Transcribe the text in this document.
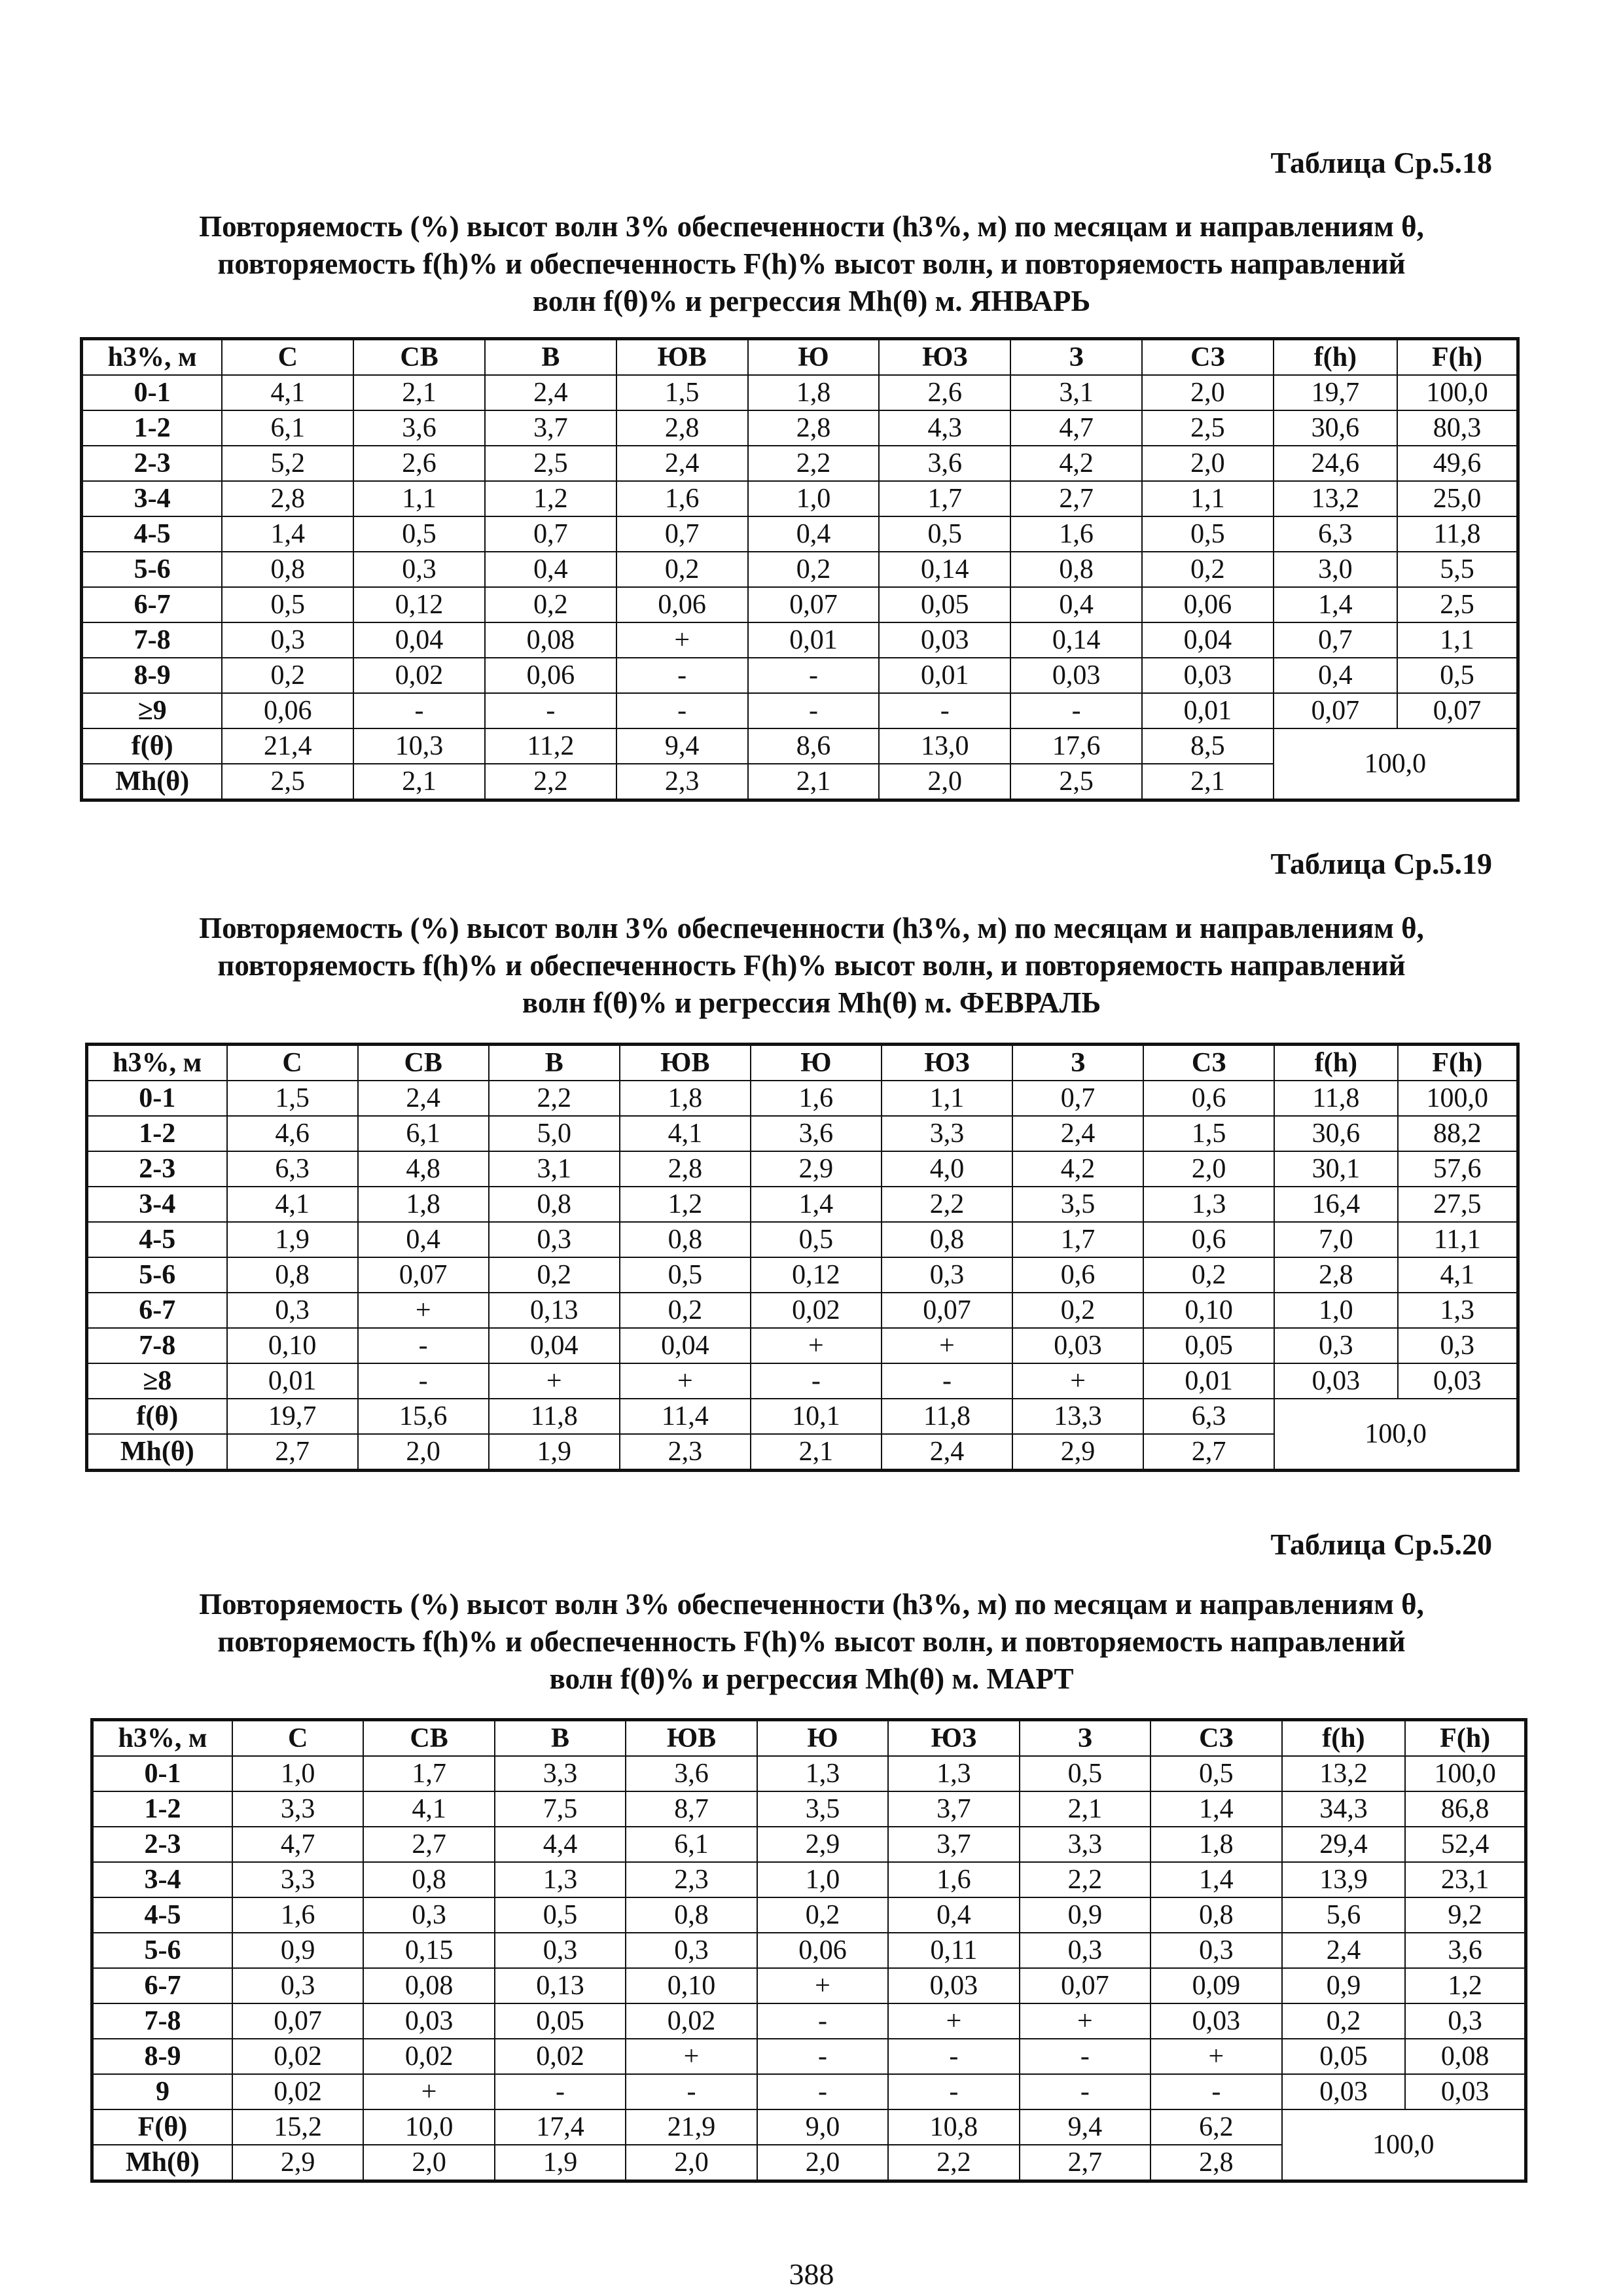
Таблица Ср.5.18
Повторяемость (%) высот волн 3% обеспеченности (h3%, м) по месяцам и направлениям θ,
повторяемость f(h)% и обеспеченность F(h)% высот волн, и повторяемость направлений
волн f(θ)% и регрессия Mh(θ) м. ЯНВАРЬ
h3%, м	С	СВ	В	ЮВ	Ю	ЮЗ	З	СЗ	f(h)	F(h)
0-1	4,1	2,1	2,4	1,5	1,8	2,6	3,1	2,0	19,7	100,0
1-2	6,1	3,6	3,7	2,8	2,8	4,3	4,7	2,5	30,6	80,3
2-3	5,2	2,6	2,5	2,4	2,2	3,6	4,2	2,0	24,6	49,6
3-4	2,8	1,1	1,2	1,6	1,0	1,7	2,7	1,1	13,2	25,0
4-5	1,4	0,5	0,7	0,7	0,4	0,5	1,6	0,5	6,3	11,8
5-6	0,8	0,3	0,4	0,2	0,2	0,14	0,8	0,2	3,0	5,5
6-7	0,5	0,12	0,2	0,06	0,07	0,05	0,4	0,06	1,4	2,5
7-8	0,3	0,04	0,08	+	0,01	0,03	0,14	0,04	0,7	1,1
8-9	0,2	0,02	0,06	-	-	0,01	0,03	0,03	0,4	0,5
≥9	0,06	-	-	-	-	-	-	0,01	0,07	0,07
f(θ)	21,4	10,3	11,2	9,4	8,6	13,0	17,6	8,5	100,0	
Mh(θ)	2,5	2,1	2,2	2,3	2,1	2,0	2,5	2,1		
Таблица Ср.5.19
Повторяемость (%) высот волн 3% обеспеченности (h3%, м) по месяцам и направлениям θ,
повторяемость f(h)% и обеспеченность F(h)% высот волн, и повторяемость направлений
волн f(θ)% и регрессия Mh(θ) м. ФЕВРАЛЬ
h3%, м	С	СВ	В	ЮВ	Ю	ЮЗ	З	СЗ	f(h)	F(h)
0-1	1,5	2,4	2,2	1,8	1,6	1,1	0,7	0,6	11,8	100,0
1-2	4,6	6,1	5,0	4,1	3,6	3,3	2,4	1,5	30,6	88,2
2-3	6,3	4,8	3,1	2,8	2,9	4,0	4,2	2,0	30,1	57,6
3-4	4,1	1,8	0,8	1,2	1,4	2,2	3,5	1,3	16,4	27,5
4-5	1,9	0,4	0,3	0,8	0,5	0,8	1,7	0,6	7,0	11,1
5-6	0,8	0,07	0,2	0,5	0,12	0,3	0,6	0,2	2,8	4,1
6-7	0,3	+	0,13	0,2	0,02	0,07	0,2	0,10	1,0	1,3
7-8	0,10	-	0,04	0,04	+	+	0,03	0,05	0,3	0,3
≥8	0,01	-	+	+	-	-	+	0,01	0,03	0,03
f(θ)	19,7	15,6	11,8	11,4	10,1	11,8	13,3	6,3	100,0	
Mh(θ)	2,7	2,0	1,9	2,3	2,1	2,4	2,9	2,7		
Таблица Ср.5.20
Повторяемость (%) высот волн 3% обеспеченности (h3%, м) по месяцам и направлениям θ,
повторяемость f(h)% и обеспеченность F(h)% высот волн, и повторяемость направлений
волн f(θ)% и регрессия Mh(θ) м. МАРТ
h3%, м	С	СВ	В	ЮВ	Ю	ЮЗ	З	СЗ	f(h)	F(h)
0-1	1,0	1,7	3,3	3,6	1,3	1,3	0,5	0,5	13,2	100,0
1-2	3,3	4,1	7,5	8,7	3,5	3,7	2,1	1,4	34,3	86,8
2-3	4,7	2,7	4,4	6,1	2,9	3,7	3,3	1,8	29,4	52,4
3-4	3,3	0,8	1,3	2,3	1,0	1,6	2,2	1,4	13,9	23,1
4-5	1,6	0,3	0,5	0,8	0,2	0,4	0,9	0,8	5,6	9,2
5-6	0,9	0,15	0,3	0,3	0,06	0,11	0,3	0,3	2,4	3,6
6-7	0,3	0,08	0,13	0,10	+	0,03	0,07	0,09	0,9	1,2
7-8	0,07	0,03	0,05	0,02	-	+	+	0,03	0,2	0,3
8-9	0,02	0,02	0,02	+	-	-	-	+	0,05	0,08
9	0,02	+	-	-	-	-	-	-	0,03	0,03
F(θ)	15,2	10,0	17,4	21,9	9,0	10,8	9,4	6,2	100,0	
Mh(θ)	2,9	2,0	1,9	2,0	2,0	2,2	2,7	2,8		
388
